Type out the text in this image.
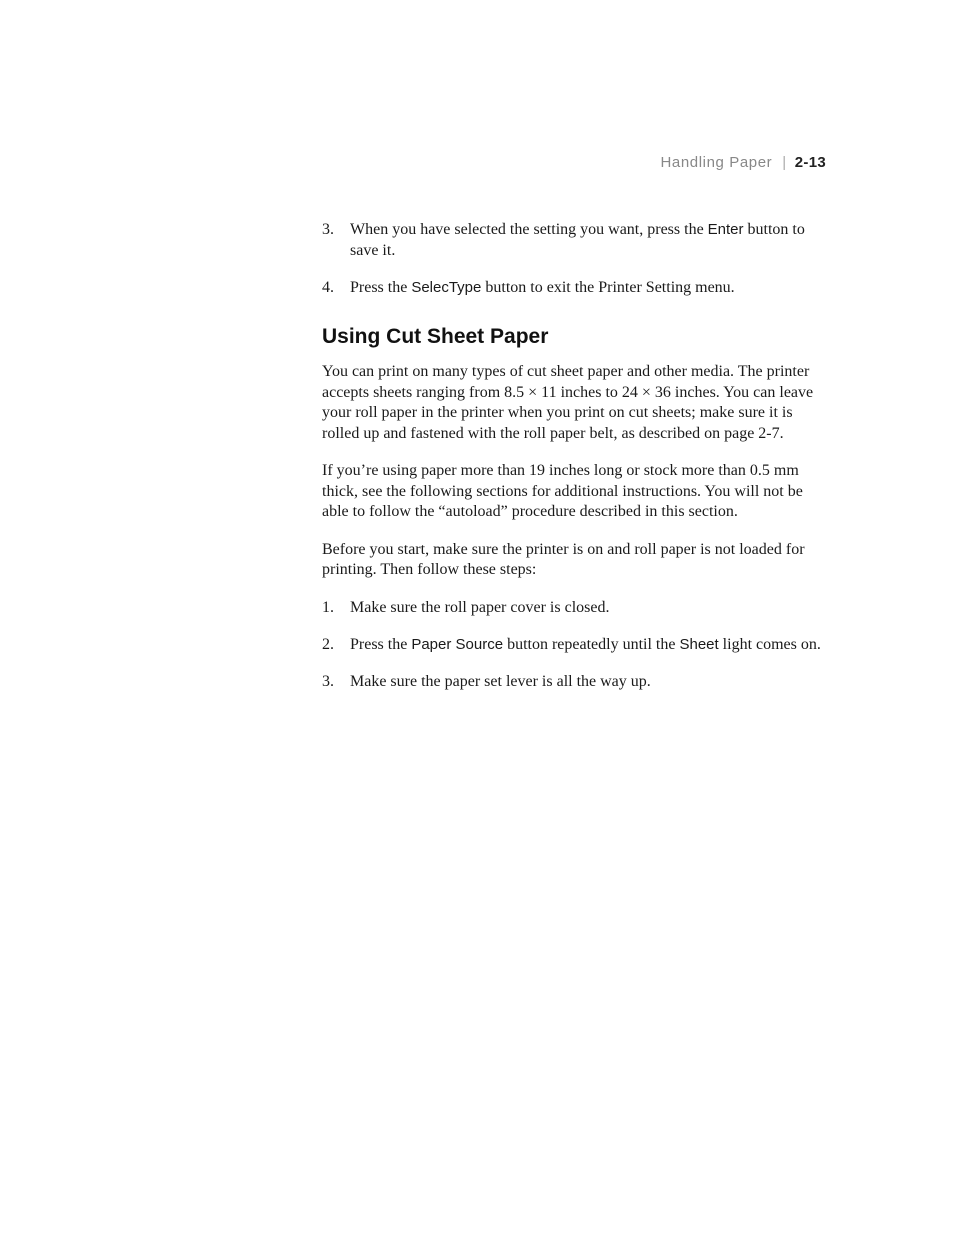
Handling Paper | 2-13
3. When you have selected the setting you want, press the Enter button to save it.
4. Press the SelecType button to exit the Printer Setting menu.
Using Cut Sheet Paper

You can print on many types of cut sheet paper and other media. The printer accepts sheets ranging from 8.5 × 11 inches to 24 × 36 inches. You can leave your roll paper in the printer when you print on cut sheets; make sure it is rolled up and fastened with the roll paper belt, as described on page 2-7.

If you’re using paper more than 19 inches long or stock more than 0.5 mm thick, see the following sections for additional instructions. You will not be able to follow the “autoload” procedure described in this section.

Before you start, make sure the printer is on and roll paper is not loaded for printing. Then follow these steps:

1. Make sure the roll paper cover is closed.
2. Press the Paper Source button repeatedly until the Sheet light comes on.
3. Make sure the paper set lever is all the way up.
